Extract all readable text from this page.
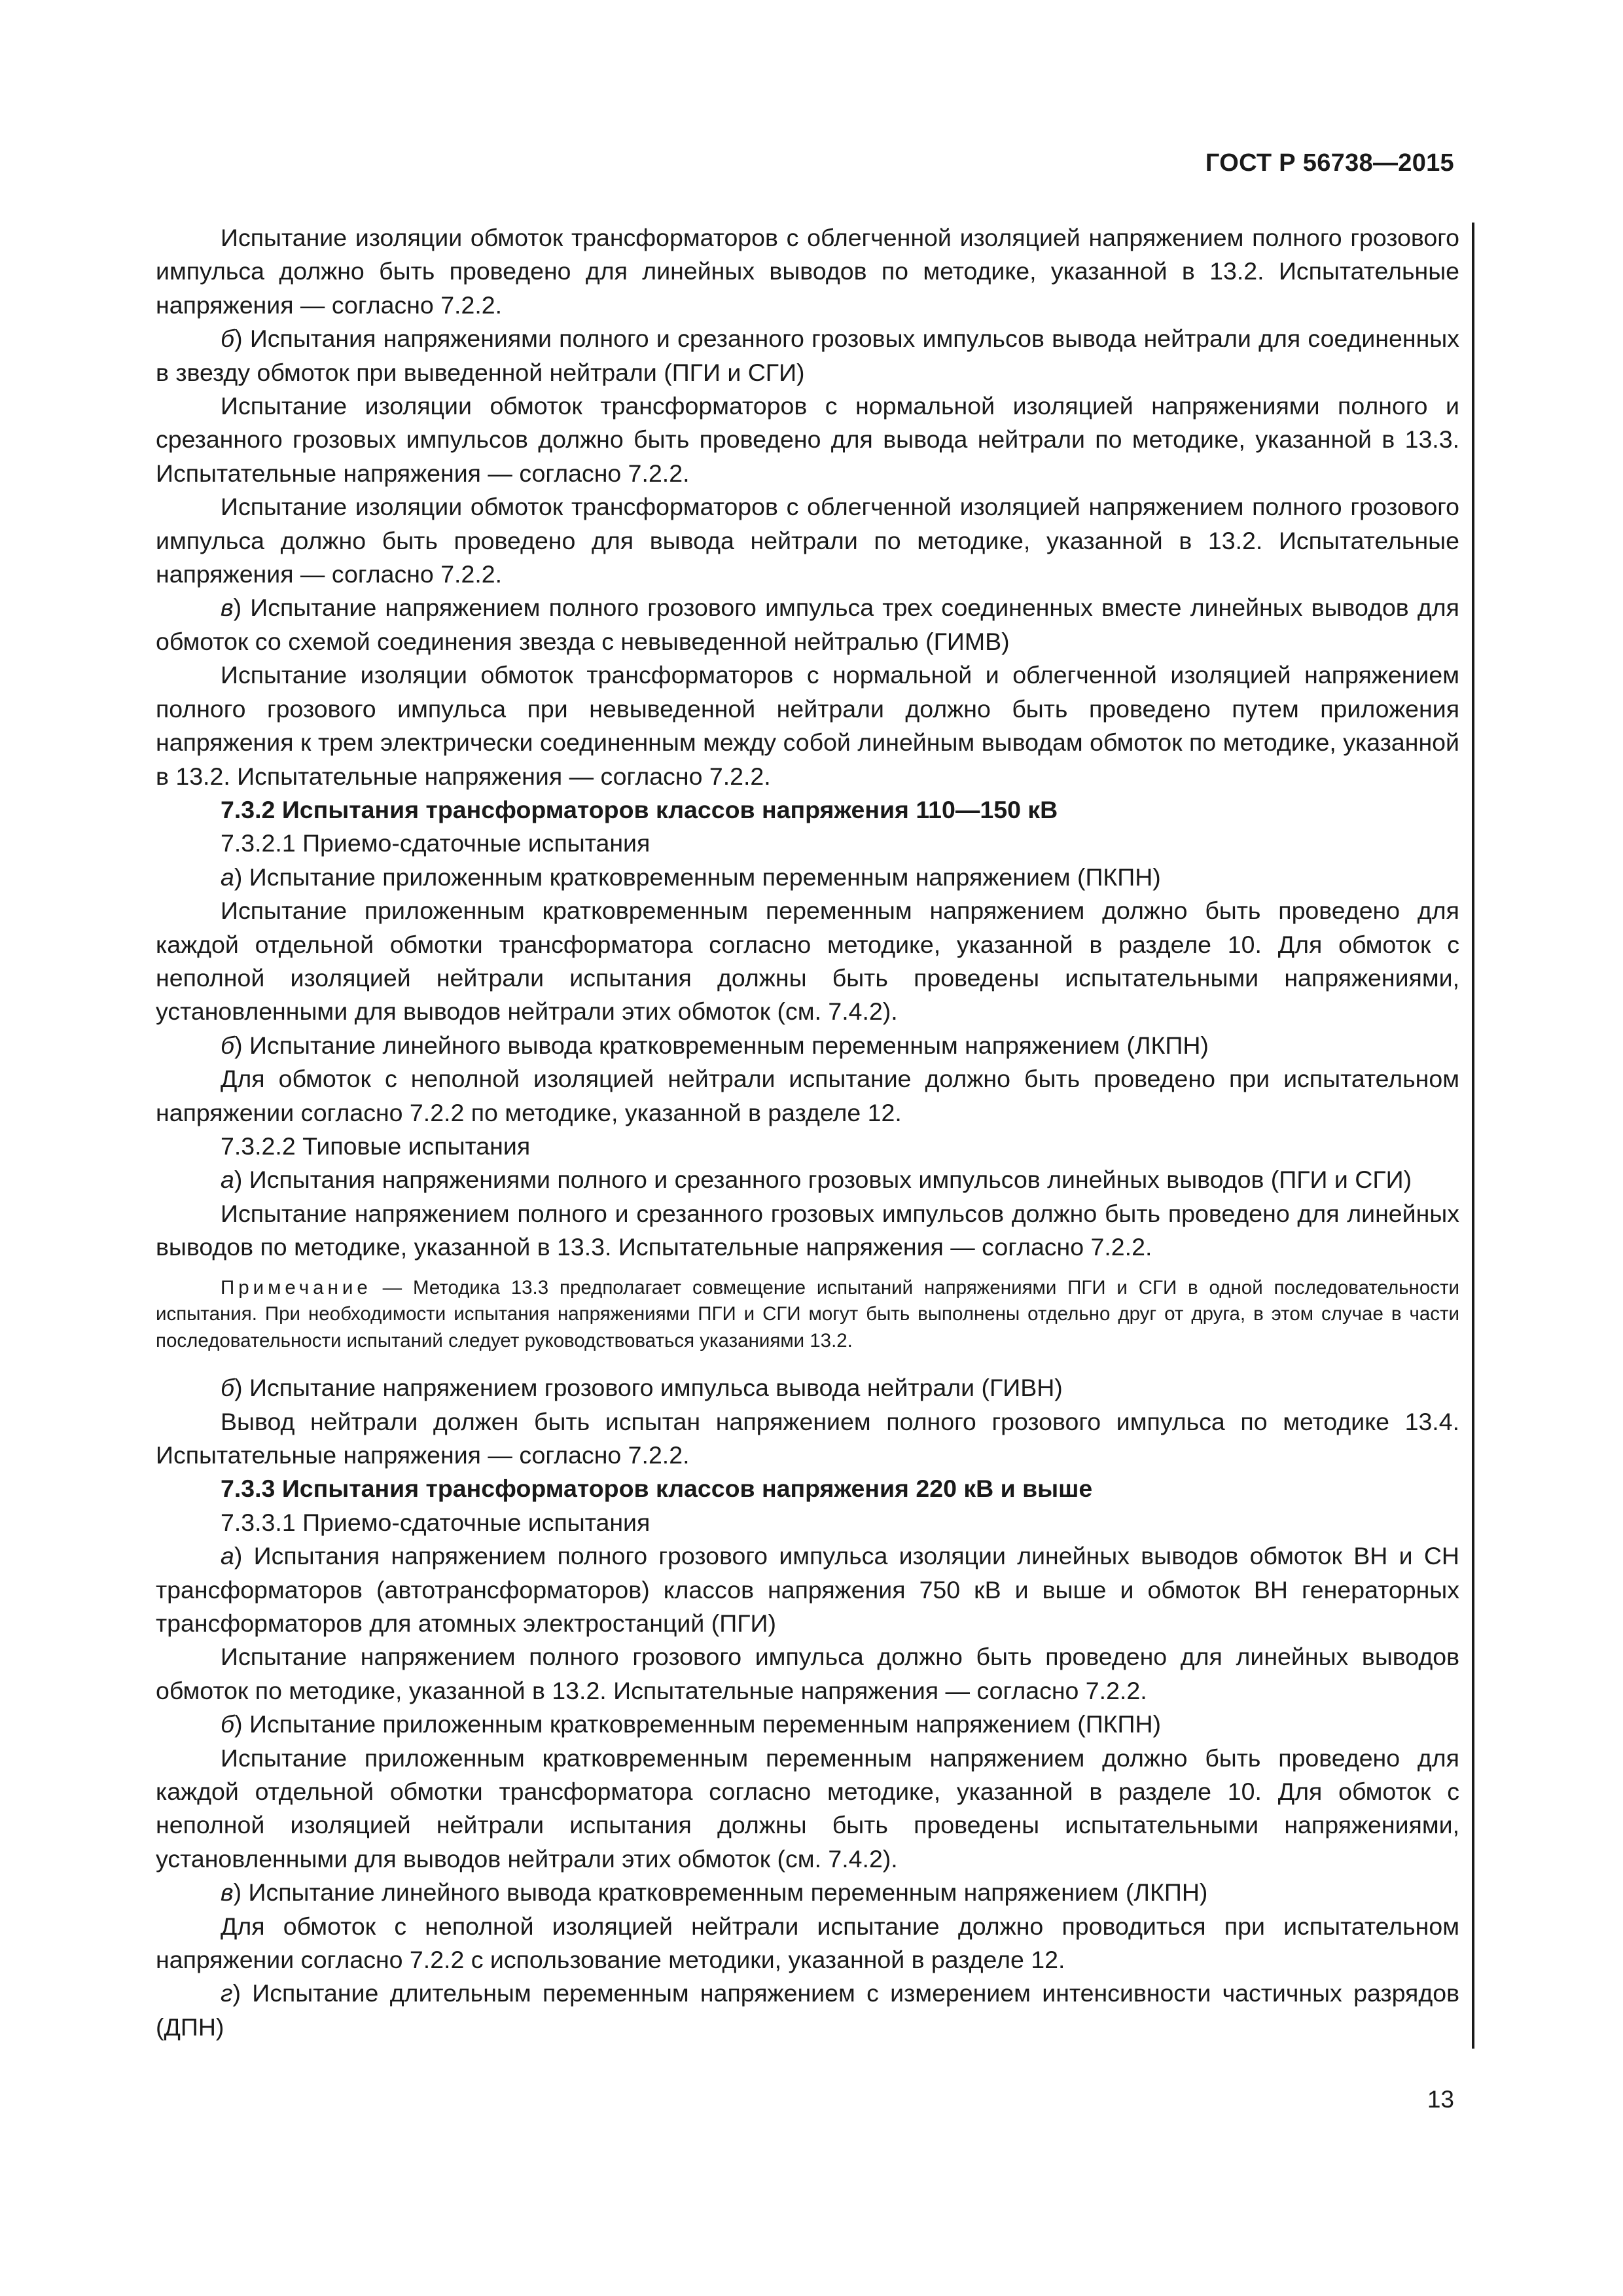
ГОСТ Р 56738—2015

Испытание изоляции обмоток трансформаторов с облегченной изоляцией напряжением полного грозового импульса должно быть проведено для линейных выводов по методике, указанной в 13.2. Испытательные напряжения — согласно 7.2.2.

б) Испытания напряжениями полного и срезанного грозовых импульсов вывода нейтрали для соединенных в звезду обмоток при выведенной нейтрали (ПГИ и СГИ)

Испытание изоляции обмоток трансформаторов с нормальной изоляцией напряжениями полного и срезанного грозовых импульсов должно быть проведено для вывода нейтрали по методике, указанной в 13.3. Испытательные напряжения — согласно 7.2.2.

Испытание изоляции обмоток трансформаторов с облегченной изоляцией напряжением полного грозового импульса должно быть проведено для вывода нейтрали по методике, указанной в 13.2. Испытательные напряжения — согласно 7.2.2.

в) Испытание напряжением полного грозового импульса трех соединенных вместе линейных выводов для обмоток со схемой соединения звезда с невыведенной нейтралью (ГИМВ)

Испытание изоляции обмоток трансформаторов с нормальной и облегченной изоляцией напряжением полного грозового импульса при невыведенной нейтрали должно быть проведено путем приложения напряжения к трем электрически соединенным между собой линейным выводам обмоток по методике, указанной в 13.2. Испытательные напряжения — согласно 7.2.2.

7.3.2 Испытания трансформаторов классов напряжения 110—150 кВ

7.3.2.1 Приемо-сдаточные испытания

а) Испытание приложенным кратковременным переменным напряжением (ПКПН)

Испытание приложенным кратковременным переменным напряжением должно быть проведено для каждой отдельной обмотки трансформатора согласно методике, указанной в разделе 10. Для обмоток с неполной изоляцией нейтрали испытания должны быть проведены испытательными напряжениями, установленными для выводов нейтрали этих обмоток (см. 7.4.2).

б) Испытание линейного вывода кратковременным переменным напряжением (ЛКПН)

Для обмоток с неполной изоляцией нейтрали испытание должно быть проведено при испытательном напряжении согласно 7.2.2 по методике, указанной в разделе 12.

7.3.2.2 Типовые испытания

а) Испытания напряжениями полного и срезанного грозовых импульсов линейных выводов (ПГИ и СГИ)

Испытание напряжением полного и срезанного грозовых импульсов должно быть проведено для линейных выводов по методике, указанной в 13.3. Испытательные напряжения — согласно 7.2.2.

Примечание — Методика 13.3 предполагает совмещение испытаний напряжениями ПГИ и СГИ в одной последовательности испытания. При необходимости испытания напряжениями ПГИ и СГИ могут быть выполнены отдельно друг от друга, в этом случае в части последовательности испытаний следует руководствоваться указаниями 13.2.

б) Испытание напряжением грозового импульса вывода нейтрали (ГИВН)

Вывод нейтрали должен быть испытан напряжением полного грозового импульса по методике 13.4. Испытательные напряжения — согласно 7.2.2.

7.3.3 Испытания трансформаторов классов напряжения 220 кВ и выше

7.3.3.1 Приемо-сдаточные испытания

а) Испытания напряжением полного грозового импульса изоляции линейных выводов обмоток ВН и СН трансформаторов (автотрансформаторов) классов напряжения 750 кВ и выше и обмоток ВН генераторных трансформаторов для атомных электростанций (ПГИ)

Испытание напряжением полного грозового импульса должно быть проведено для линейных выводов обмоток по методике, указанной в 13.2. Испытательные напряжения — согласно 7.2.2.

б) Испытание приложенным кратковременным переменным напряжением (ПКПН)

Испытание приложенным кратковременным переменным напряжением должно быть проведено для каждой отдельной обмотки трансформатора согласно методике, указанной в разделе 10. Для обмоток с неполной изоляцией нейтрали испытания должны быть проведены испытательными напряжениями, установленными для выводов нейтрали этих обмоток (см. 7.4.2).

в) Испытание линейного вывода кратковременным переменным напряжением (ЛКПН)

Для обмоток с неполной изоляцией нейтрали испытание должно проводиться при испытательном напряжении согласно 7.2.2 с использование методики, указанной в разделе 12.

г) Испытание длительным переменным напряжением с измерением интенсивности частичных разрядов (ДПН)

13
